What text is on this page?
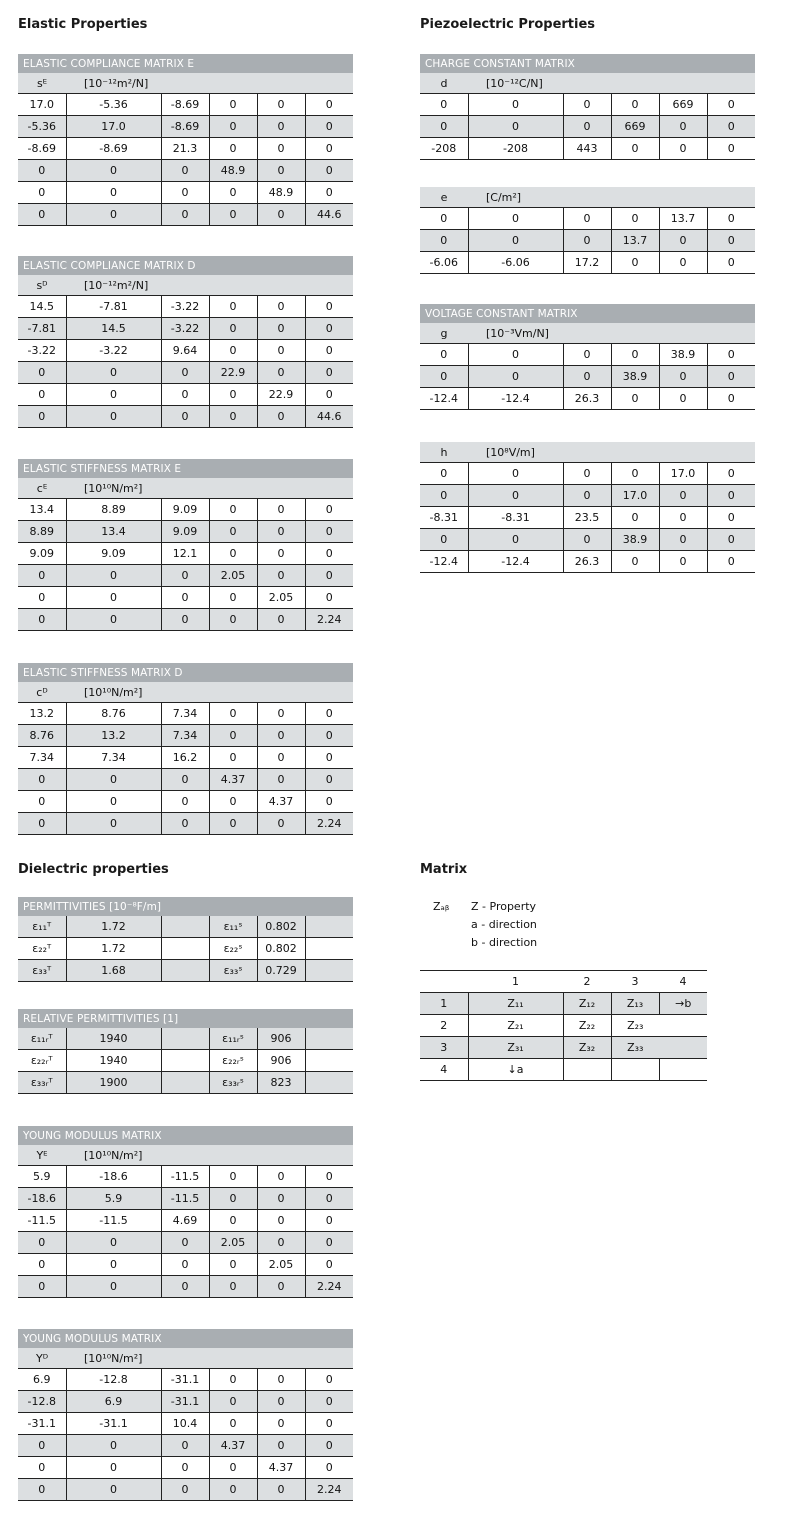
Elastic Properties	Piezoelectric Properties
Dielectric properties	Matrix
Zₐᵦ Z - Property
a - direction
b - direction
ELASTIC COMPLIANCE MATRIX E					
sᴱ	[10⁻¹²m²/N]				
17.0	-5.36	-8.69	0	0	0
-5.36	17.0	-8.69	0	0	0
-8.69	-8.69	21.3	0	0	0
0	0	0	48.9	0	0
0	0	0	0	48.9	0
0	0	0	0	0	44.6
ELASTIC COMPLIANCE MATRIX D					
sᴰ	[10⁻¹²m²/N]				
14.5	-7.81	-3.22	0	0	0
-7.81	14.5	-3.22	0	0	0
-3.22	-3.22	9.64	0	0	0
0	0	0	22.9	0	0
0	0	0	0	22.9	0
0	0	0	0	0	44.6
ELASTIC STIFFNESS MATRIX E					
cᴱ	[10¹⁰N/m²]				
13.4	8.89	9.09	0	0	0
8.89	13.4	9.09	0	0	0
9.09	9.09	12.1	0	0	0
0	0	0	2.05	0	0
0	0	0	0	2.05	0
0	0	0	0	0	2.24
ELASTIC STIFFNESS MATRIX D					
cᴰ	[10¹⁰N/m²]				
13.2	8.76	7.34	0	0	0
8.76	13.2	7.34	0	0	0
7.34	7.34	16.2	0	0	0
0	0	0	4.37	0	0
0	0	0	0	4.37	0
0	0	0	0	0	2.24
CHARGE CONSTANT MATRIX					
d	[10⁻¹²C/N]				
0	0	0	0	669	0
0	0	0	669	0	0
-208	-208	443	0	0	0
e	[C/m²]				
0	0	0	0	13.7	0
0	0	0	13.7	0	0
-6.06	-6.06	17.2	0	0	0
VOLTAGE CONSTANT MATRIX					
g	[10⁻³Vm/N]				
0	0	0	0	38.9	0
0	0	0	38.9	0	0
-12.4	-12.4	26.3	0	0	0
h	[10⁸V/m]				
0	0	0	0	17.0	0
0	0	0	17.0	0	0
-8.31	-8.31	23.5	0	0	0
0	0	0	38.9	0	0
-12.4	-12.4	26.3	0	0	0
PERMITTIVITIES [10⁻⁸F/m]					
ε₁₁ᵀ	1.72		ε₁₁ˢ	0.802	
ε₂₂ᵀ	1.72		ε₂₂ˢ	0.802	
ε₃₃ᵀ	1.68		ε₃₃ˢ	0.729	
RELATIVE PERMITTIVITIES [1]					
ε₁₁ᵣᵀ	1940		ε₁₁ᵣˢ	906	
ε₂₂ᵣᵀ	1940		ε₂₂ᵣˢ	906	
ε₃₃ᵣᵀ	1900		ε₃₃ᵣˢ	823	
YOUNG MODULUS MATRIX					
Yᴱ	[10¹⁰N/m²]				
5.9	-18.6	-11.5	0	0	0
-18.6	5.9	-11.5	0	0	0
-11.5	-11.5	4.69	0	0	0
0	0	0	2.05	0	0
0	0	0	0	2.05	0
0	0	0	0	0	2.24
YOUNG MODULUS MATRIX					
Yᴰ	[10¹⁰N/m²]				
6.9	-12.8	-31.1	0	0	0
-12.8	6.9	-31.1	0	0	0
-31.1	-31.1	10.4	0	0	0
0	0	0	4.37	0	0
0	0	0	0	4.37	0
0	0	0	0	0	2.24
	1	2	3	4
1	Z₁₁	Z₁₂	Z₁₃	→b
2	Z₂₁	Z₂₂	Z₂₃	
3	Z₃₁	Z₃₂	Z₃₃	
4	↓a			
